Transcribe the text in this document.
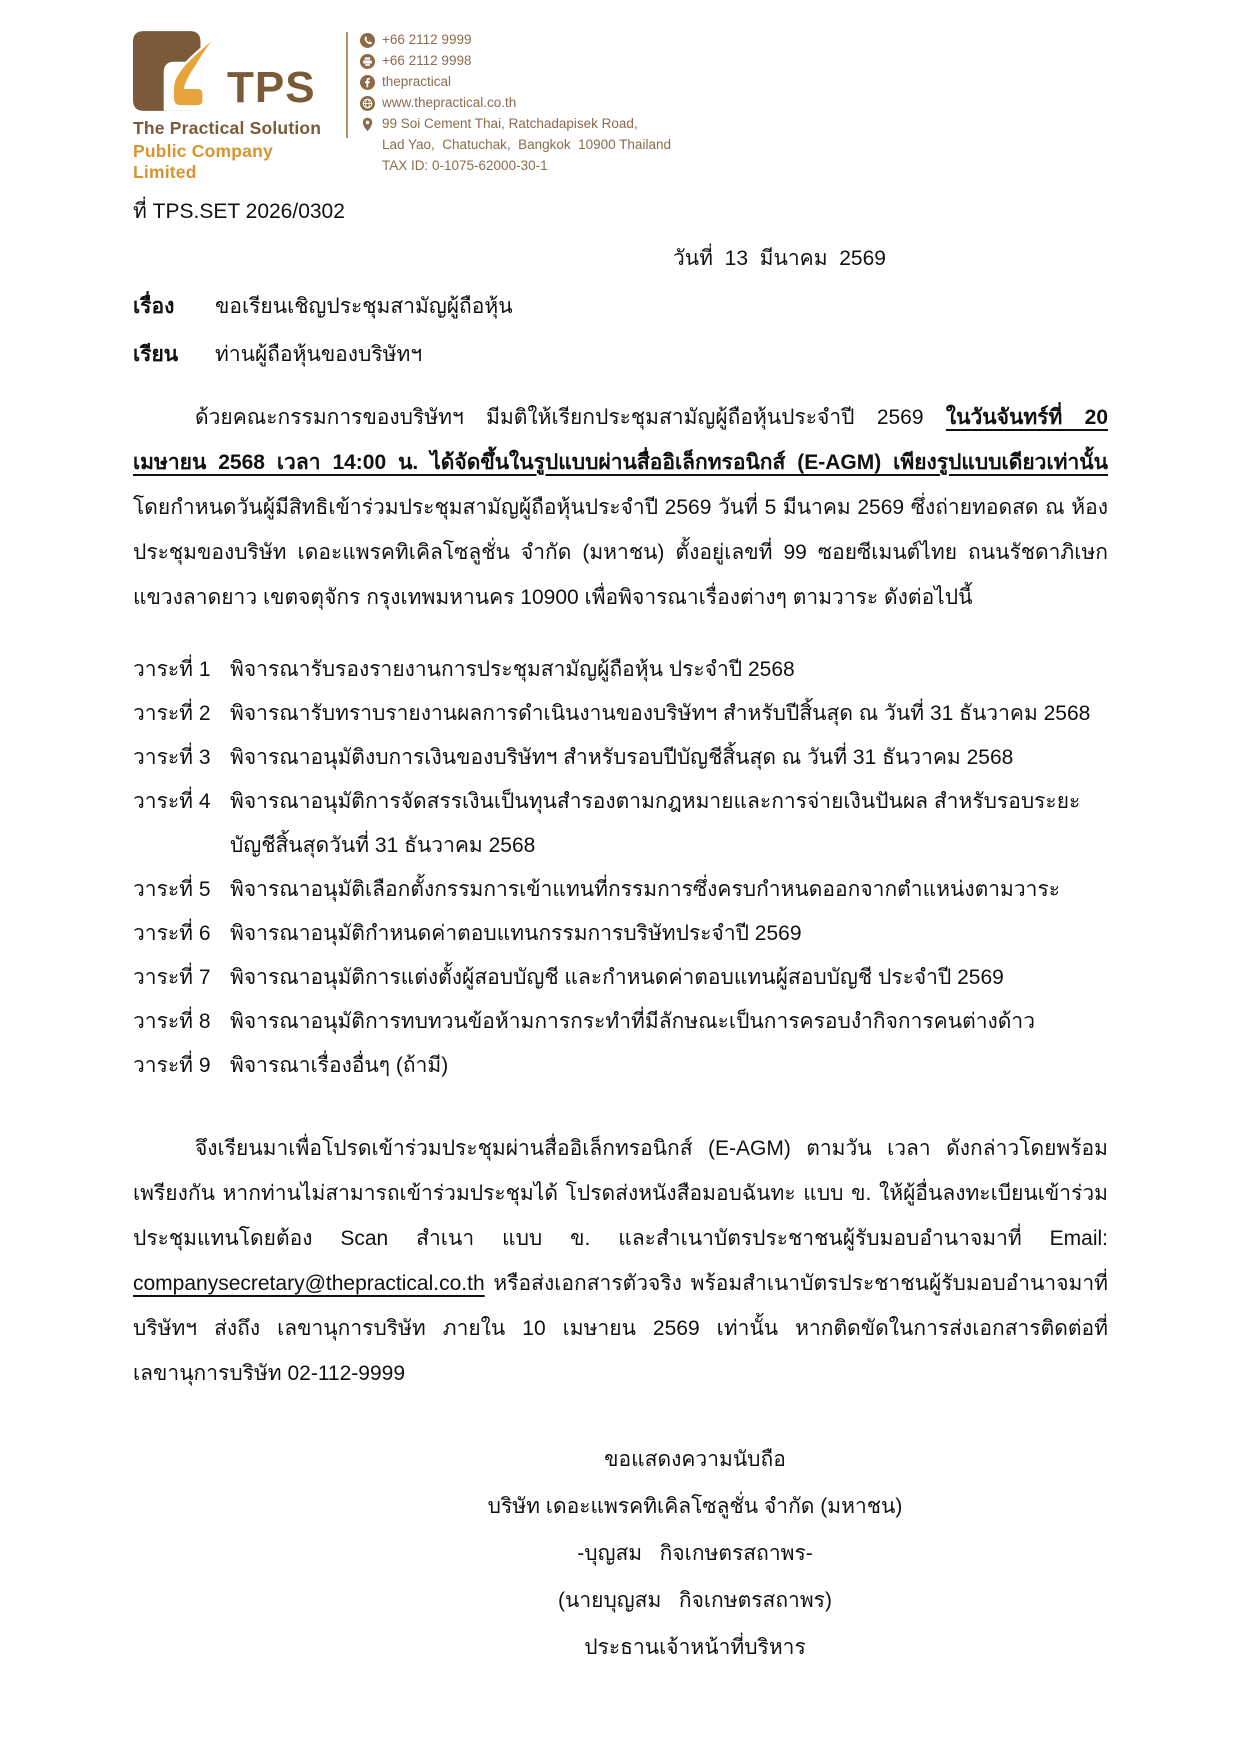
TPS
The Practical Solution
Public Company Limited
+66 2112 9999
+66 2112 9998
thepractical
www.thepractical.co.th
99 Soi Cement Thai, Ratchadapisek Road,
Lad Yao,  Chatuchak,  Bangkok  10900 Thailand
TAX ID: 0-1075-62000-30-1
ที่ TPS.SET 2026/0302
วันที่  13  มีนาคม  2569
เรื่อง	ขอเรียนเชิญประชุมสามัญผู้ถือหุ้น
เรียน	ท่านผู้ถือหุ้นของบริษัทฯ
ด้วยคณะกรรมการของบริษัทฯ มีมติให้เรียกประชุมสามัญผู้ถือหุ้นประจำปี 2569 ในวันจันทร์ที่ 20 เมษายน 2568 เวลา 14:00 น. ได้จัดขึ้นในรูปแบบผ่านสื่ออิเล็กทรอนิกส์ (E-AGM) เพียงรูปแบบเดียวเท่านั้น โดยกำหนดวันผู้มีสิทธิเข้าร่วมประชุมสามัญผู้ถือหุ้นประจำปี 2569 วันที่ 5 มีนาคม 2569 ซึ่งถ่ายทอดสด ณ ห้องประชุมของบริษัท เดอะแพรคทิเคิลโซลูชั่น จำกัด (มหาชน) ตั้งอยู่เลขที่ 99 ซอยซีเมนต์ไทย ถนนรัชดาภิเษก แขวงลาดยาว เขตจตุจักร กรุงเทพมหานคร 10900 เพื่อพิจารณาเรื่องต่างๆ ตามวาระ ดังต่อไปนี้
วาระที่ 1 พิจารณารับรองรายงานการประชุมสามัญผู้ถือหุ้น ประจำปี 2568
วาระที่ 2 พิจารณารับทราบรายงานผลการดำเนินงานของบริษัทฯ สำหรับปีสิ้นสุด ณ วันที่ 31 ธันวาคม 2568
วาระที่ 3 พิจารณาอนุมัติงบการเงินของบริษัทฯ สำหรับรอบปีบัญชีสิ้นสุด ณ วันที่ 31 ธันวาคม 2568
วาระที่ 4 พิจารณาอนุมัติการจัดสรรเงินเป็นทุนสำรองตามกฎหมายและการจ่ายเงินปันผล สำหรับรอบระยะบัญชีสิ้นสุดวันที่ 31 ธันวาคม 2568
วาระที่ 5 พิจารณาอนุมัติเลือกตั้งกรรมการเข้าแทนที่กรรมการซึ่งครบกำหนดออกจากตำแหน่งตามวาระ
วาระที่ 6 พิจารณาอนุมัติกำหนดค่าตอบแทนกรรมการบริษัทประจำปี 2569
วาระที่ 7 พิจารณาอนุมัติการแต่งตั้งผู้สอบบัญชี และกำหนดค่าตอบแทนผู้สอบบัญชี ประจำปี 2569
วาระที่ 8 พิจารณาอนุมัติการทบทวนข้อห้ามการกระทำที่มีลักษณะเป็นการครอบงำกิจการคนต่างด้าว
วาระที่ 9 พิจารณาเรื่องอื่นๆ (ถ้ามี)
จึงเรียนมาเพื่อโปรดเข้าร่วมประชุมผ่านสื่ออิเล็กทรอนิกส์ (E-AGM) ตามวัน เวลา ดังกล่าวโดยพร้อมเพรียงกัน หากท่านไม่สามารถเข้าร่วมประชุมได้ โปรดส่งหนังสือมอบฉันทะ แบบ ข. ให้ผู้อื่นลงทะเบียนเข้าร่วมประชุมแทนโดยต้อง Scan สำเนา แบบ ข. และสำเนาบัตรประชาชนผู้รับมอบอำนาจมาที่ Email: companysecretary@thepractical.co.th หรือส่งเอกสารตัวจริง พร้อมสำเนาบัตรประชาชนผู้รับมอบอำนาจมาที่ บริษัทฯ ส่งถึง เลขานุการบริษัท ภายใน 10 เมษายน 2569 เท่านั้น หากติดขัดในการส่งเอกสารติดต่อที่ เลขานุการบริษัท 02-112-9999
ขอแสดงความนับถือ
บริษัท เดอะแพรคทิเคิลโซลูชั่น จำกัด (มหาชน)
-บุญสม   กิจเกษตรสถาพร-
(นายบุญสม   กิจเกษตรสถาพร)
ประธานเจ้าหน้าที่บริหาร
